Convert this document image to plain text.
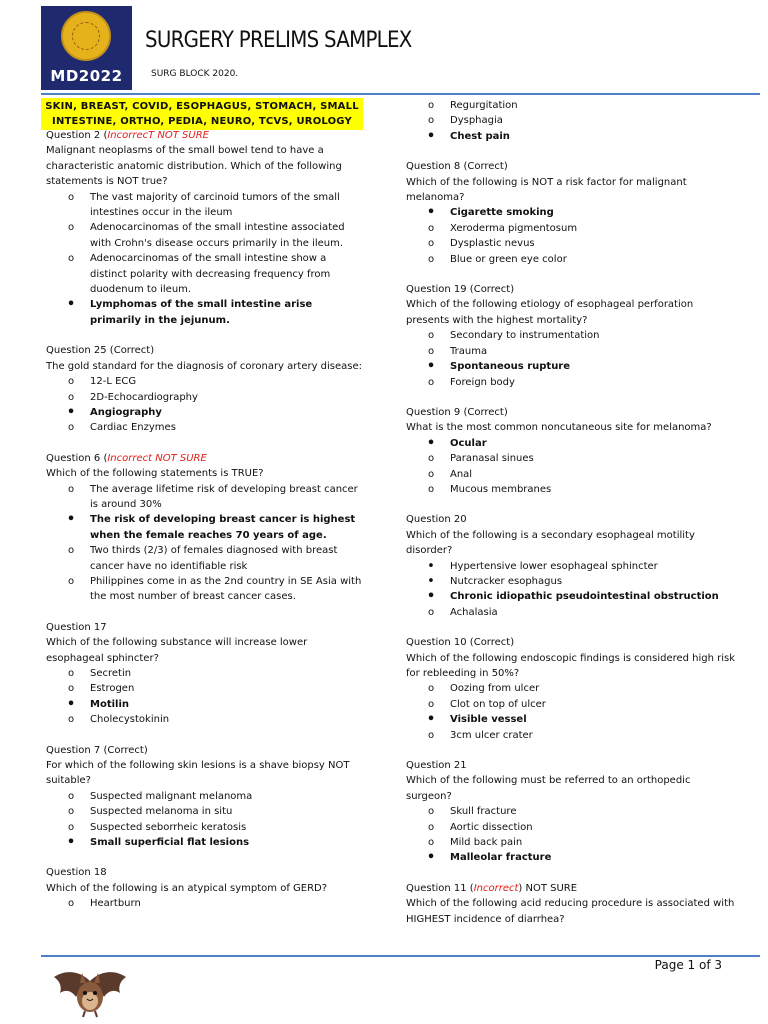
MD2022
SURGERY PRELIMS SAMPLEX
SURG BLOCK 2020.
SKIN, BREAST, COVID, ESOPHAGUS, STOMACH, SMALL
INTESTINE, ORTHO, PEDIA, NEURO, TCVS, UROLOGY

Question 2 (IncorrecT NOT SURE

Malignant neoplasms of the small bowel tend to have a characteristic anatomic distribution. Which of the following statements is NOT true?

o The vast majority of carcinoid tumors of the small intestines occur in the ileum
o Adenocarcinomas of the small intestine associated with Crohn's disease occurs primarily in the ileum.
o Adenocarcinomas of the small intestine show a distinct polarity with decreasing frequency from duodenum to ileum.
• Lymphomas of the small intestine arise primarily in the jejunum.

Question 25 (Correct)

The gold standard for the diagnosis of coronary artery disease:

o 12-L ECG
o 2D-Echocardiography
• Angiography
o Cardiac Enzymes

Question 6 (Incorrect NOT SURE

Which of the following statements is TRUE?

o The average lifetime risk of developing breast cancer is around 30%
• The risk of developing breast cancer is highest when the female reaches 70 years of age.
o Two thirds (2/3) of females diagnosed with breast cancer have no identifiable risk
o Philippines come in as the 2nd country in SE Asia with the most number of breast cancer cases.

Question 17

Which of the following substance will increase lower esophageal sphincter?

o Secretin
o Estrogen
• Motilin
o Cholecystokinin

Question 7 (Correct)

For which of the following skin lesions is a shave biopsy NOT suitable?

o Suspected malignant melanoma
o Suspected melanoma in situ
o Suspected seborrheic keratosis
• Small superficial flat lesions

Question 18

Which of the following is an atypical symptom of GERD?

o Heartburn
o Regurgitation
o Dysphagia
• Chest pain

Question 8 (Correct)

Which of the following is NOT a risk factor for malignant melanoma?

• Cigarette smoking
o Xeroderma pigmentosum
o Dysplastic nevus
o Blue or green eye color

Question 19 (Correct)

Which of the following etiology of esophageal perforation presents with the highest mortality?

o Secondary to instrumentation
o Trauma
• Spontaneous rupture
o Foreign body

Question 9 (Correct)

What is the most common noncutaneous site for melanoma?

• Ocular
o Paranasal sinues
o Anal
o Mucous membranes

Question 20

Which of the following is a secondary esophageal motility disorder?

• Hypertensive lower esophageal sphincter
• Nutcracker esophagus
• Chronic idiopathic pseudointestinal obstruction
o Achalasia

Question 10 (Correct)

Which of the following endoscopic findings is considered high risk for rebleeding in 50%?

o Oozing from ulcer
o Clot on top of ulcer
• Visible vessel
o 3cm ulcer crater

Question 21

Which of the following must be referred to an orthopedic surgeon?

o Skull fracture
o Aortic dissection
o Mild back pain
• Malleolar fracture

Question 11 (Incorrect) NOT SURE

Which of the following acid reducing procedure is associated with HIGHEST incidence of diarrhea?

Page 1 of 3
